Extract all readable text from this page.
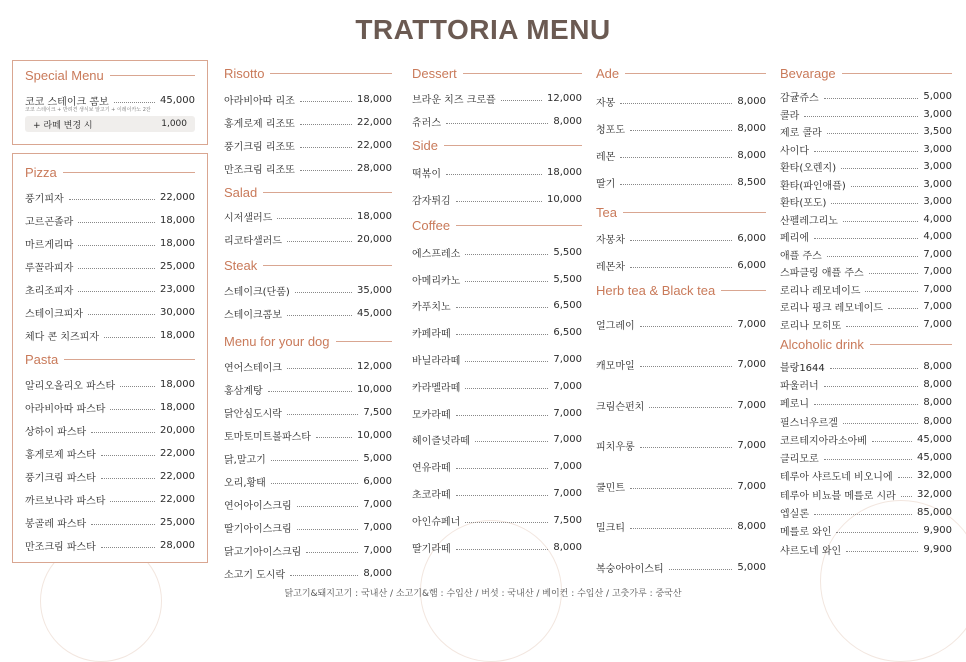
TRATTORIA MENU
Special Menu
코코 스테이크 콤보	45,000
코코 스테이크 + 반려견 생식보 알고기 + 이레이카노 2잔
+ 라떼 변경 시	1,000
Pizza
풍기피자	22,000
고르곤졸라	18,000
마르게리따	18,000
루꼴라피자	25,000
초리조피자	23,000
스테이크피자	30,000
체다 콘 치즈피자	18,000
Pasta
알리오올리오 파스타	18,000
아라비아따 파스타	18,000
상하이 파스타	20,000
홍게로제 파스타	22,000
풍기크림 파스타	22,000
까르보나라 파스타	22,000
봉골레 파스타	25,000
만조크림 파스타	28,000
Risotto
아라비아따 리조	18,000
홍게로제 리조또	22,000
풍기크림 리조또	22,000
만조크림 리조또	28,000
Salad
시저샐러드	18,000
리코타샐러드	20,000
Steak
스테이크(단품)	35,000
스테이크콤보	45,000
Menu for your dog
연어스테이크	12,000
홍삼계탕	10,000
닭안심도시락	7,500
토마토미트볼파스타	10,000
닭,말고기	5,000
오리,황태	6,000
연어아이스크림	7,000
딸기아이스크림	7,000
닭고기아이스크림	7,000
소고기 도시락	8,000
Dessert
브라운 치즈 크로플	12,000
츄러스	8,000
Side
떡볶이	18,000
감자튀김	10,000
Coffee
에스프레소	5,500
아메리카노	5,500
카푸치노	6,500
카페라떼	6,500
바닐라라떼	7,000
카라멜라떼	7,000
모카라떼	7,000
헤이즐넛라떼	7,000
연유라떼	7,000
초코라떼	7,000
아인슈페너	7,500
딸기라떼	8,000
Ade
자몽	8,000
청포도	8,000
레몬	8,000
딸기	8,500
Tea
자몽차	6,000
레몬차	6,000
Herb tea & Black tea
얼그레이	7,000
캐모마일	7,000
크림슨펀치	7,000
피치우롱	7,000
쿨민트	7,000
밀크티	8,000
복숭아아이스티	5,000
Bevarage
감귤쥬스	5,000
콜라	3,000
제로 콜라	3,500
사이다	3,000
환타(오렌지)	3,000
환타(파인애플)	3,000
환타(포도)	3,000
산펠레그리노	4,000
페리에	4,000
애플 주스	7,000
스파클링 애플 주스	7,000
로리나 레모네이드	7,000
로리나 핑크 레모네이드	7,000
로리나 모히또	7,000
Alcoholic drink
블랑1644	8,000
파울러너	8,000
페로니	8,000
필스너우르겔	8,000
코르테지아라소아베	45,000
클리모로	45,000
테루아 샤르도네 비오니에 32,000
테루아 비뇨블 메를로 시라 32,000
엡실론	85,000
메를로 와인	9,900
샤르도네 와인	9,900
닭고기&돼지고기 : 국내산 / 소고기&햄 : 수입산 / 버섯 : 국내산 / 베이컨 : 수입산 / 고춧가루 : 중국산
